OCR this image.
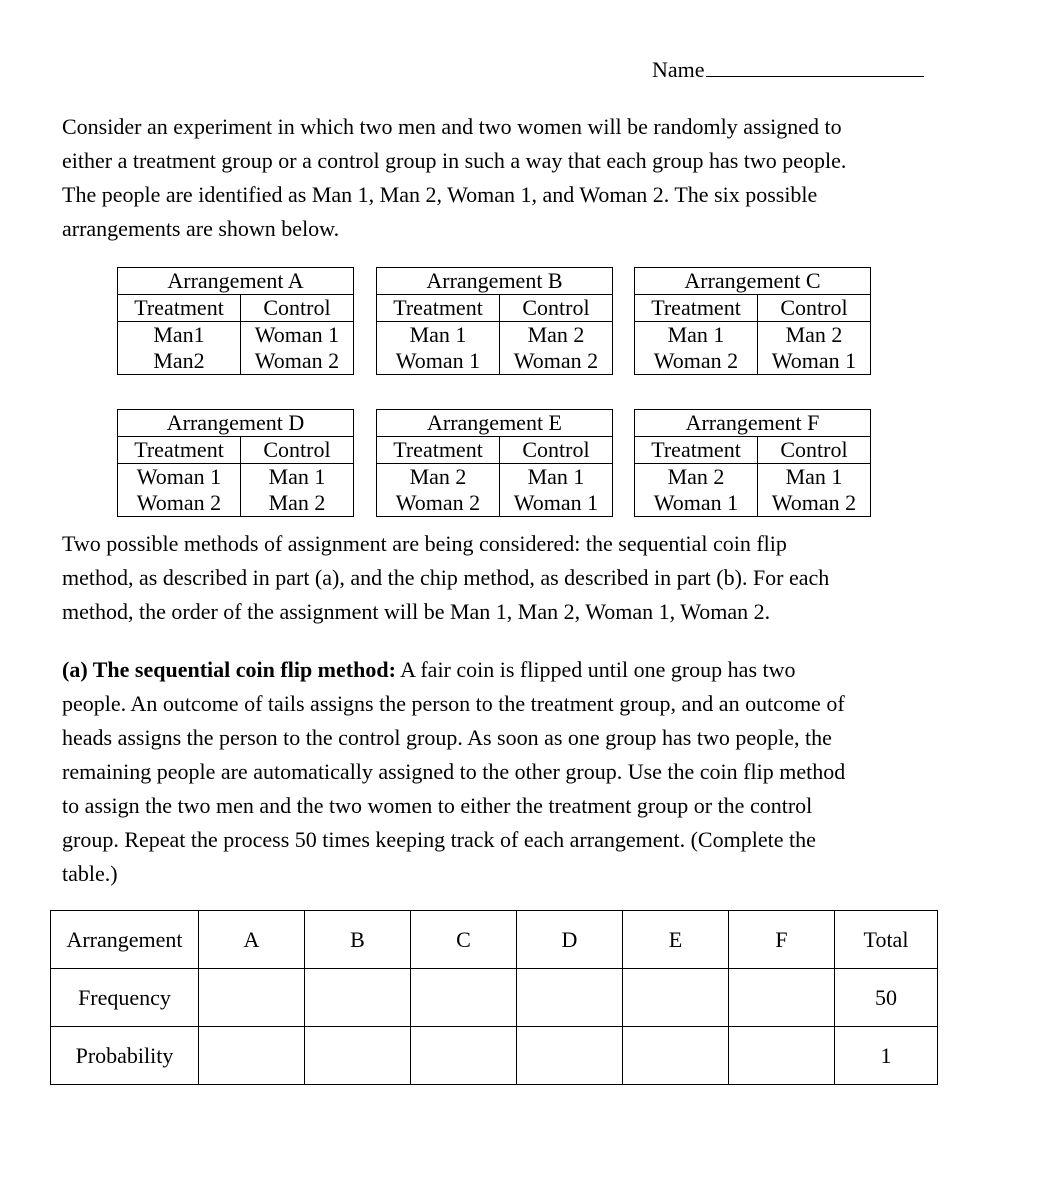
Name

Consider an experiment in which two men and two women will be randomly assigned to
either a treatment group or a control group in such a way that each group has two people.
The people are identified as Man 1, Man 2, Woman 1, and Woman 2. The six possible
arrangements are shown below.

Arrangement A	
Treatment	Control
Man1	Woman 1
Man2	Woman 2
Arrangement B	
Treatment	Control
Man 1	Man 2
Woman 1	Woman 2
Arrangement C	
Treatment	Control
Man 1	Man 2
Woman 2	Woman 1
Arrangement D	
Treatment	Control
Woman 1	Man 1
Woman 2	Man 2
Arrangement E	
Treatment	Control
Man 2	Man 1
Woman 2	Woman 1
Arrangement F	
Treatment	Control
Man 2	Man 1
Woman 1	Woman 2

Two possible methods of assignment are being considered: the sequential coin flip
method, as described in part (a), and the chip method, as described in part (b). For each
method, the order of the assignment will be Man 1, Man 2, Woman 1, Woman 2.

(a) The sequential coin flip method: A fair coin is flipped until one group has two
people. An outcome of tails assigns the person to the treatment group, and an outcome of
heads assigns the person to the control group. As soon as one group has two people, the
remaining people are automatically assigned to the other group. Use the coin flip method
to assign the two men and the two women to either the treatment group or the control
group. Repeat the process 50 times keeping track of each arrangement. (Complete the
table.)

Arrangement	A	B	C	D	E	F	Total
Frequency							50
Probability							1
